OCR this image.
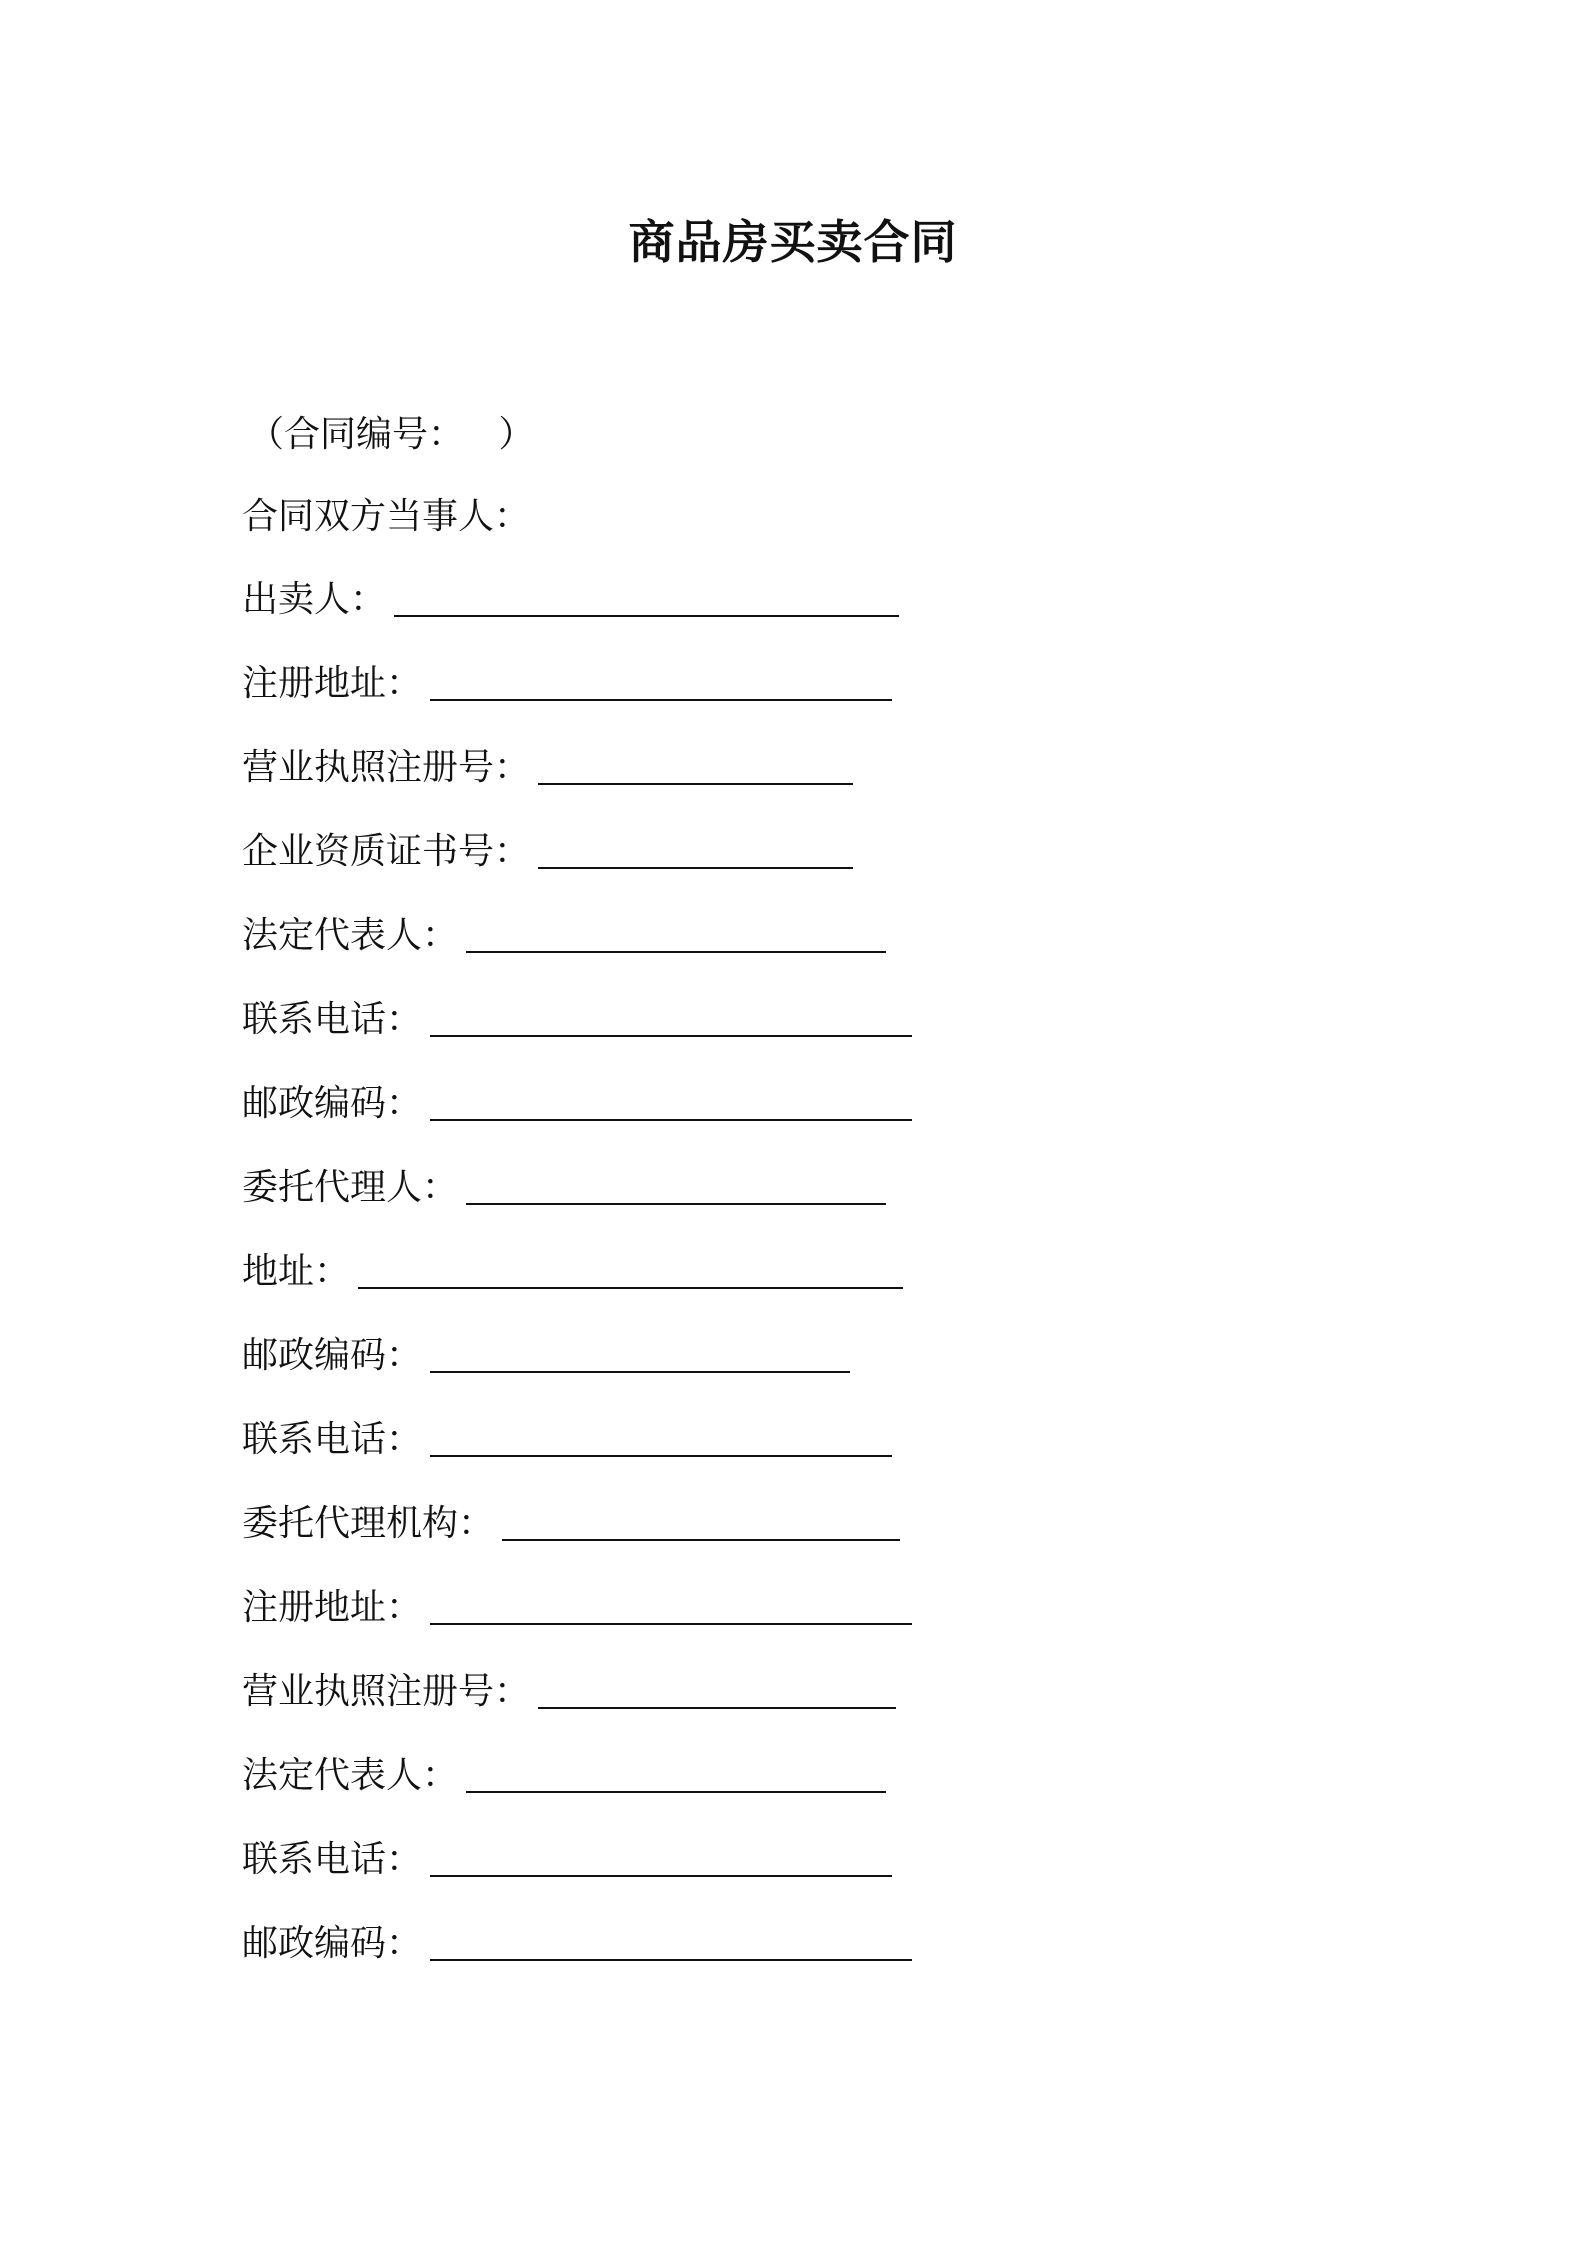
商品房买卖合同
（合同编号：   ）
合同双方当事人：
出卖人：
注册地址：
营业执照注册号：
企业资质证书号：
法定代表人：
联系电话：
邮政编码：
委托代理人：
地址：
邮政编码：
联系电话：
委托代理机构：
注册地址：
营业执照注册号：
法定代表人：
联系电话：
邮政编码：
